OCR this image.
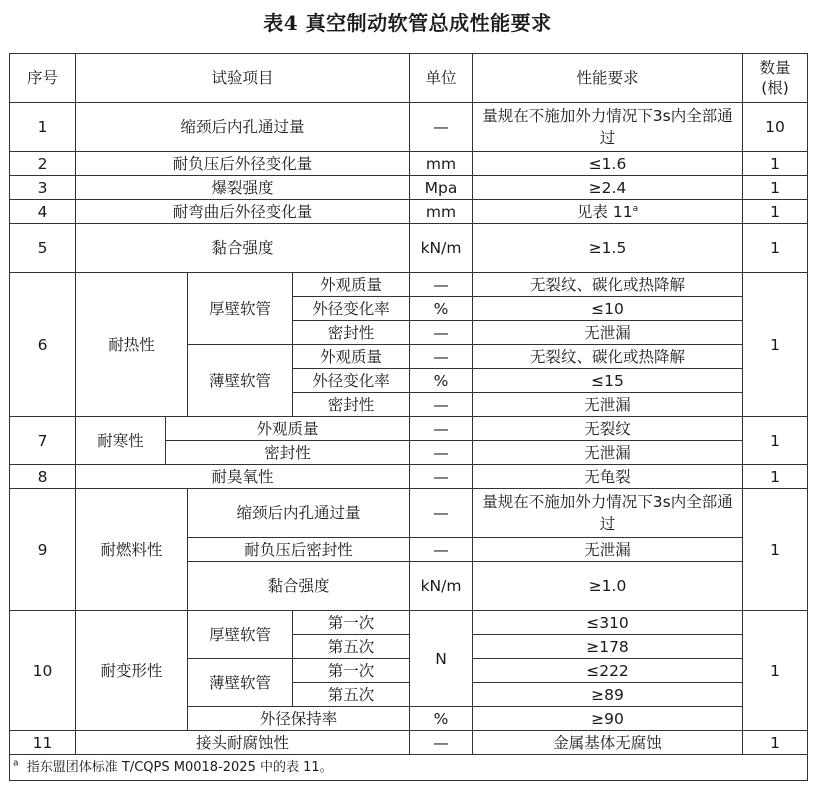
表4 真空制动软管总成性能要求
序号	试验项目				单位	性能要求	数量(根)
1	缩颈后内孔通过量				—	量规在不施加外力情况下3s内全部通过	10
2	耐负压后外径变化量				mm	≤1.6	1
3	爆裂强度				Mpa	≥2.4	1
4	耐弯曲后外径变化量				mm	见表 11$^a$	1
5	黏合强度				kN/m	≥1.5	1
6	耐热性		厚壁软管	外观质量	—	无裂纹、碳化或热降解	1
				外径变化率	%	≤10	
				密封性	—	无泄漏	
			薄壁软管	外观质量	—	无裂纹、碳化或热降解	
				外径变化率	%	≤15	
				密封性	—	无泄漏	
7	耐寒性	外观质量			—	无裂纹	1
		密封性			—	无泄漏	
8	耐臭氧性				—	无龟裂	1
9	耐燃料性		缩颈后内孔通过量		—	量规在不施加外力情况下3s内全部通过	1
			耐负压后密封性		—	无泄漏	
			黏合强度		kN/m	≥1.0	
10	耐变形性		厚壁软管	第一次	N	≤310	1
				第五次		≥178	
			薄壁软管	第一次		≤222	
				第五次		≥89	
			外径保持率		%	≥90	
11	接头耐腐蚀性				—	金属基体无腐蚀	1
$^a$ 指东盟团体标准 T/CQPS M0018-2025 中的表 11。							
